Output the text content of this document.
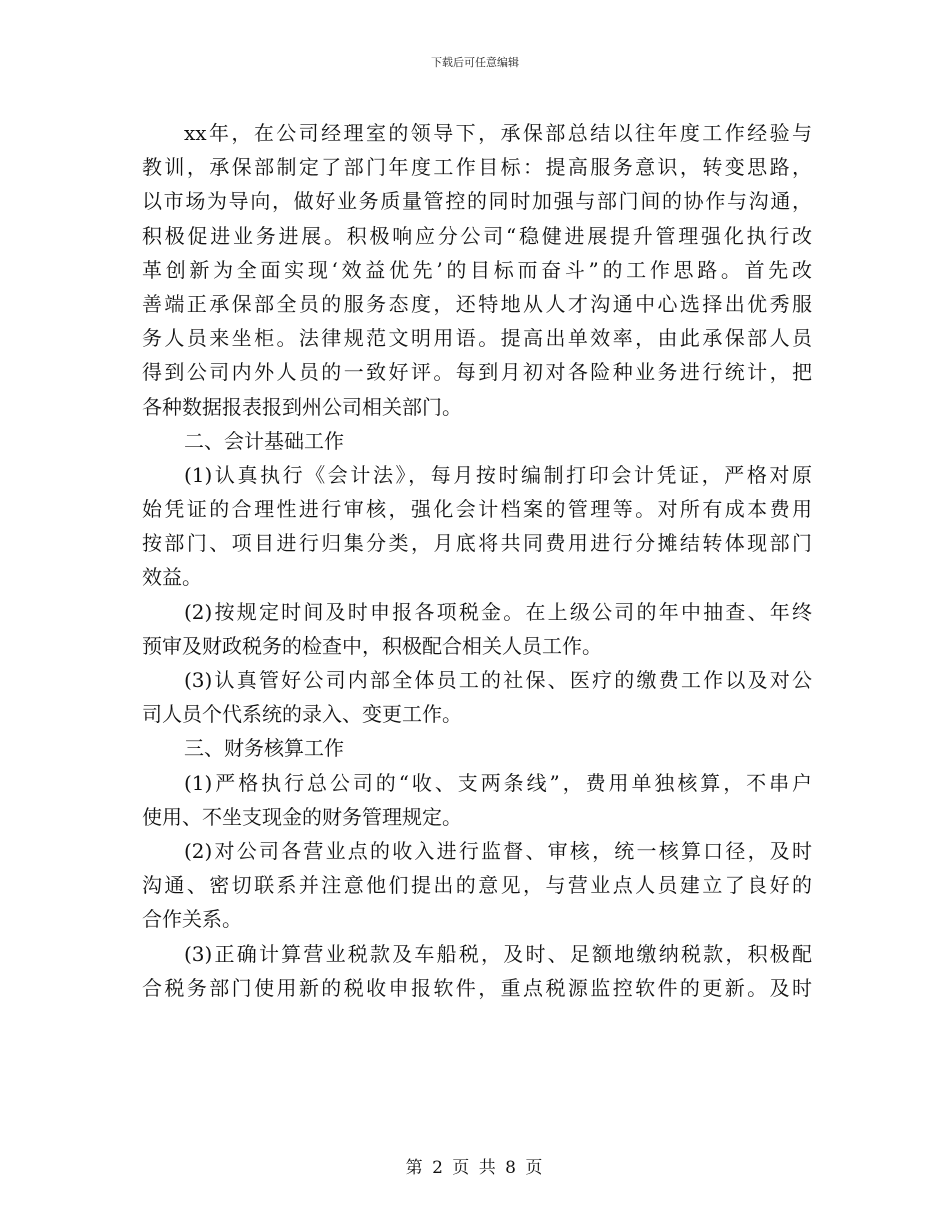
下载后可任意编辑
xx年，在公司经理室的领导下，承保部总结以往年度工作经验与
教训，承保部制定了部门年度工作目标：提高服务意识，转变思路，
以市场为导向，做好业务质量管控的同时加强与部门间的协作与沟通，
积极促进业务进展。积极响应分公司“稳健进展提升管理强化执行改
革创新为全面实现‘效益优先’的目标而奋斗”的工作思路。首先改
善端正承保部全员的服务态度，还特地从人才沟通中心选择出优秀服
务人员来坐柜。法律规范文明用语。提高出单效率，由此承保部人员
得到公司内外人员的一致好评。每到月初对各险种业务进行统计，把
各种数据报表报到州公司相关部门。
二、会计基础工作
(1)认真执行《会计法》，每月按时编制打印会计凭证，严格对原
始凭证的合理性进行审核，强化会计档案的管理等。对所有成本费用
按部门、项目进行归集分类，月底将共同费用进行分摊结转体现部门
效益。
(2)按规定时间及时申报各项税金。在上级公司的年中抽查、年终
预审及财政税务的检查中，积极配合相关人员工作。
(3)认真管好公司内部全体员工的社保、医疗的缴费工作以及对公
司人员个代系统的录入、变更工作。
三、财务核算工作
(1)严格执行总公司的“收、支两条线”，费用单独核算，不串户
使用、不坐支现金的财务管理规定。
(2)对公司各营业点的收入进行监督、审核，统一核算口径，及时
沟通、密切联系并注意他们提出的意见，与营业点人员建立了良好的
合作关系。
(3)正确计算营业税款及车船税，及时、足额地缴纳税款，积极配
合税务部门使用新的税收申报软件，重点税源监控软件的更新。及时
第 2 页 共 8 页
